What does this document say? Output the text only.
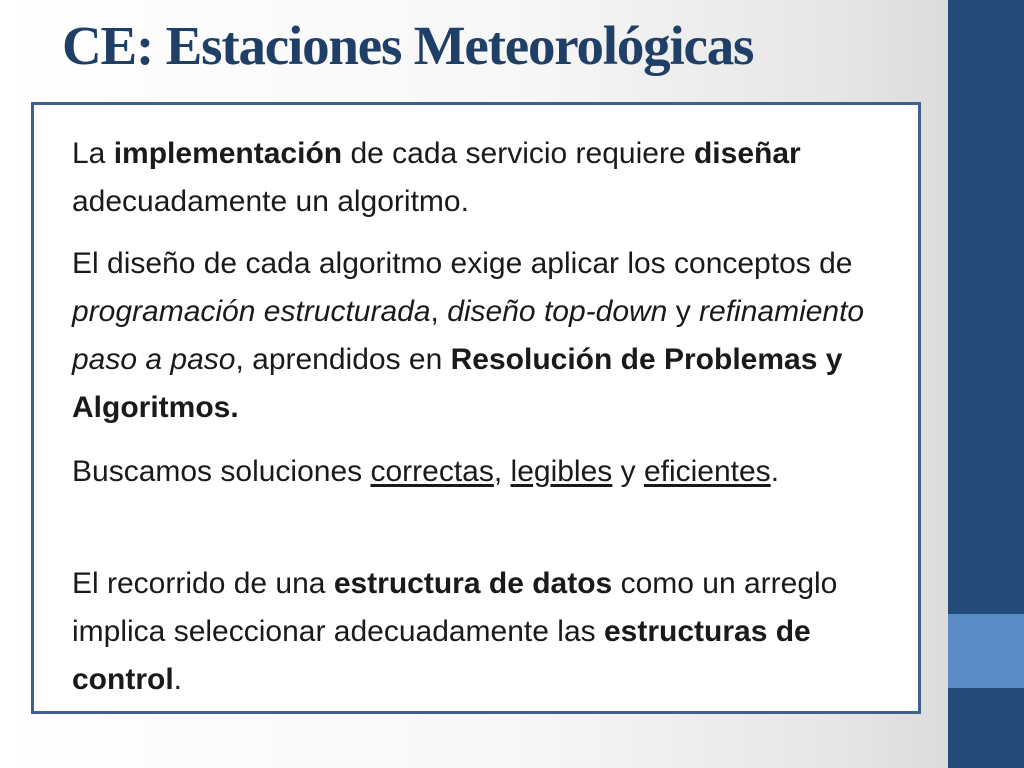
CE: Estaciones Meteorológicas

La implementación de cada servicio requiere diseñar adecuadamente un algoritmo.

El diseño de cada algoritmo exige aplicar los conceptos de programación estructurada, diseño top-down y refinamiento paso a paso, aprendidos en Resolución de Problemas y Algoritmos.

Buscamos soluciones correctas, legibles y eficientes.

El recorrido de una estructura de datos como un arreglo implica seleccionar adecuadamente las estructuras de control.
